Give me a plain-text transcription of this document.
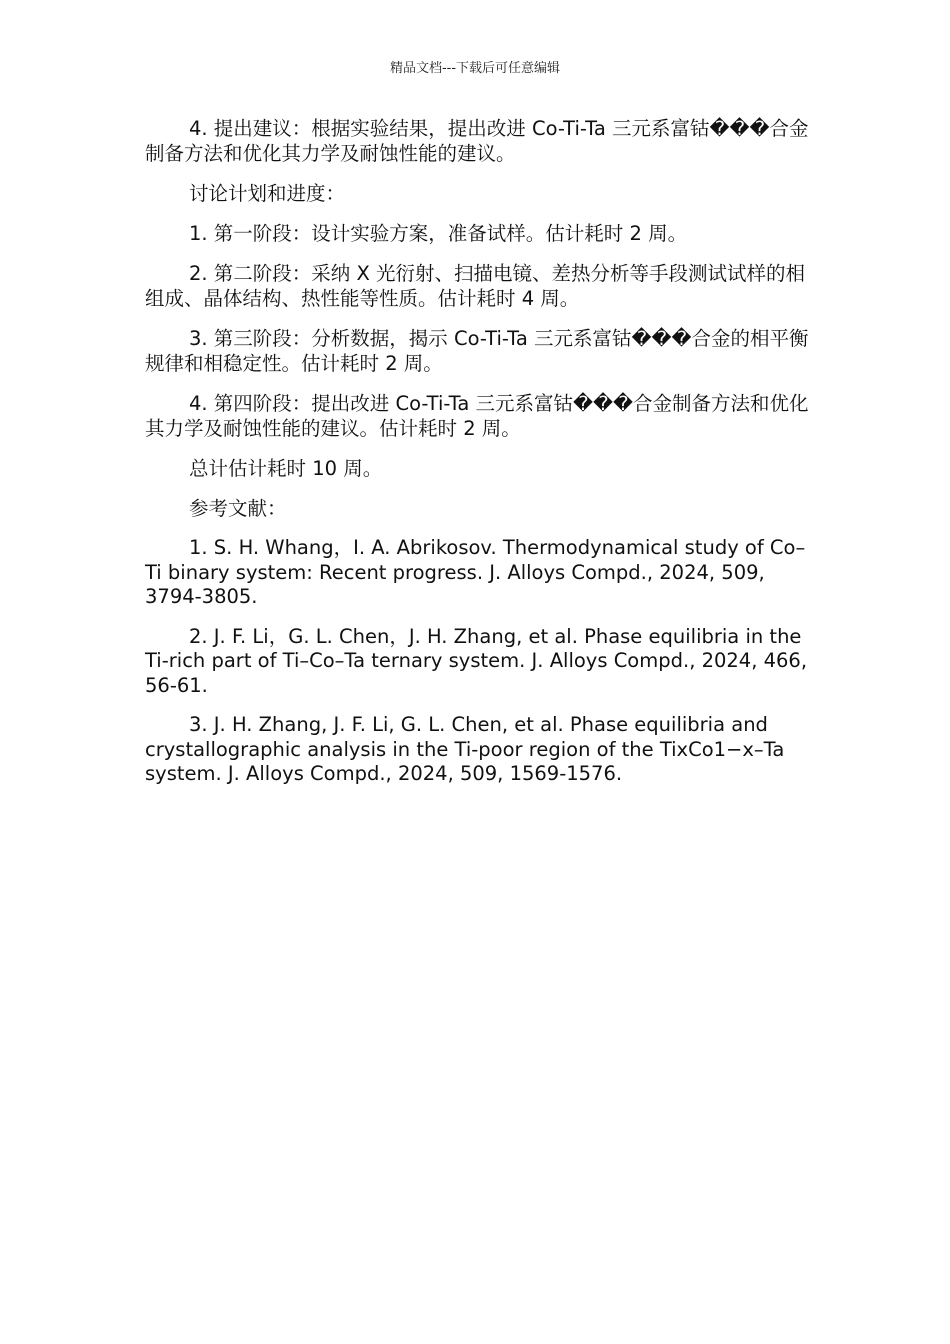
精品文档---下载后可任意编辑

4. 提出建议：根据实验结果，提出改进 Co-Ti-Ta 三元系富钴���合金制备方法和优化其力学及耐蚀性能的建议。

讨论计划和进度：

1. 第一阶段：设计实验方案，准备试样。估计耗时 2 周。

2. 第二阶段：采纳 X 光衍射、扫描电镜、差热分析等手段测试试样的相组成、晶体结构、热性能等性质。估计耗时 4 周。

3. 第三阶段：分析数据，揭示 Co-Ti-Ta 三元系富钴���合金的相平衡规律和相稳定性。估计耗时 2 周。

4. 第四阶段：提出改进 Co-Ti-Ta 三元系富钴���合金制备方法和优化其力学及耐蚀性能的建议。估计耗时 2 周。

总计估计耗时 10 周。

参考文献：

1. S. H. Whang，I. A. Abrikosov. Thermodynamical study of Co–Ti binary system: Recent progress. J. Alloys Compd., 2024, 509, 3794-3805.

2. J. F. Li，G. L. Chen，J. H. Zhang, et al. Phase equilibria in the Ti-rich part of Ti–Co–Ta ternary system. J. Alloys Compd., 2024, 466, 56-61.

3. J. H. Zhang, J. F. Li, G. L. Chen, et al. Phase equilibria and crystallographic analysis in the Ti-poor region of the TixCo1−x–Ta system. J. Alloys Compd., 2024, 509, 1569-1576.
